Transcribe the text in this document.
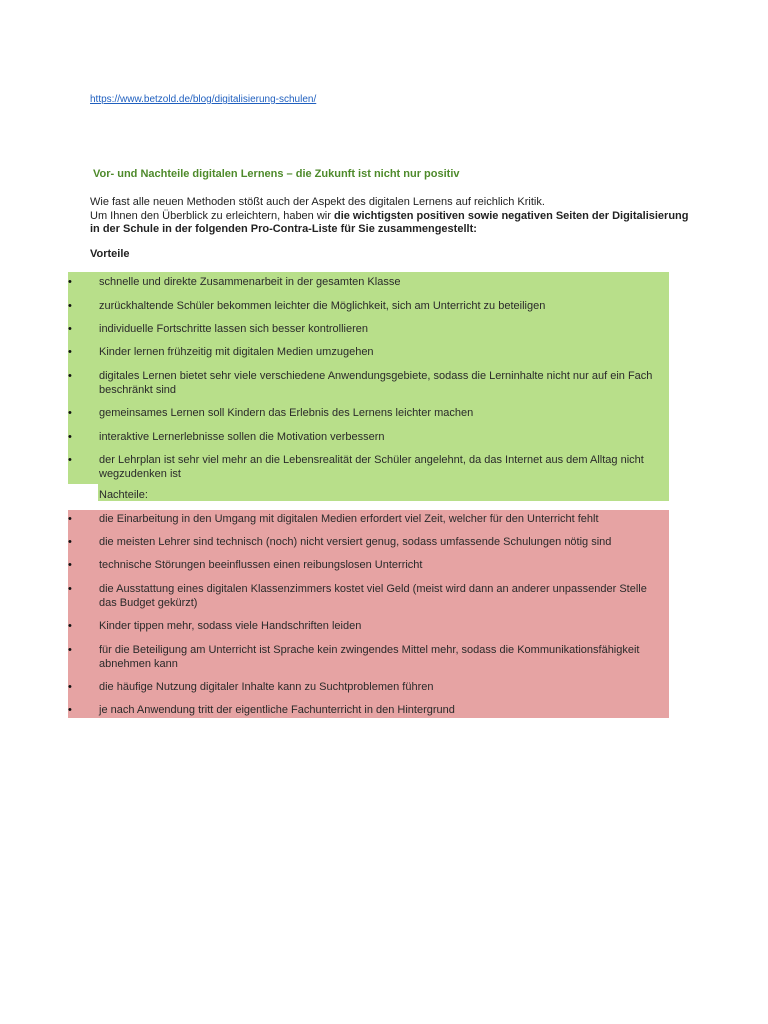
https://www.betzold.de/blog/digitalisierung-schulen/
Vor- und Nachteile digitalen Lernens – die Zukunft ist nicht nur positiv
Wie fast alle neuen Methoden stößt auch der Aspekt des digitalen Lernens auf reichlich Kritik.
Um Ihnen den Überblick zu erleichtern, haben wir die wichtigsten positiven sowie negativen Seiten der Digitalisierung in der Schule in der folgenden Pro-Contra-Liste für Sie zusammengestellt:
Vorteile
•	schnelle und direkte Zusammenarbeit in der gesamten Klasse
•	zurückhaltende Schüler bekommen leichter die Möglichkeit, sich am Unterricht zu beteiligen
•	individuelle Fortschritte lassen sich besser kontrollieren
•	Kinder lernen frühzeitig mit digitalen Medien umzugehen
•	digitales Lernen bietet sehr viele verschiedene Anwendungsgebiete, sodass die Lerninhalte nicht nur auf ein Fach beschränkt sind
•	gemeinsames Lernen soll Kindern das Erlebnis des Lernens leichter machen
•	interaktive Lernerlebnisse sollen die Motivation verbessern
•	der Lehrplan ist sehr viel mehr an die Lebensrealität der Schüler angelehnt, da das Internet aus dem Alltag nicht wegzudenken ist
Nachteile:
•	die Einarbeitung in den Umgang mit digitalen Medien erfordert viel Zeit, welcher für den Unterricht fehlt
•	die meisten Lehrer sind technisch (noch) nicht versiert genug, sodass umfassende Schulungen nötig sind
•	technische Störungen beeinflussen einen reibungslosen Unterricht
•	die Ausstattung eines digitalen Klassenzimmers kostet viel Geld (meist wird dann an anderer unpassender Stelle das Budget gekürzt)
•	Kinder tippen mehr, sodass viele Handschriften leiden
•	für die Beteiligung am Unterricht ist Sprache kein zwingendes Mittel mehr, sodass die Kommunikationsfähigkeit abnehmen kann
•	die häufige Nutzung digitaler Inhalte kann zu Suchtproblemen führen
•	je nach Anwendung tritt der eigentliche Fachunterricht in den Hintergrund
